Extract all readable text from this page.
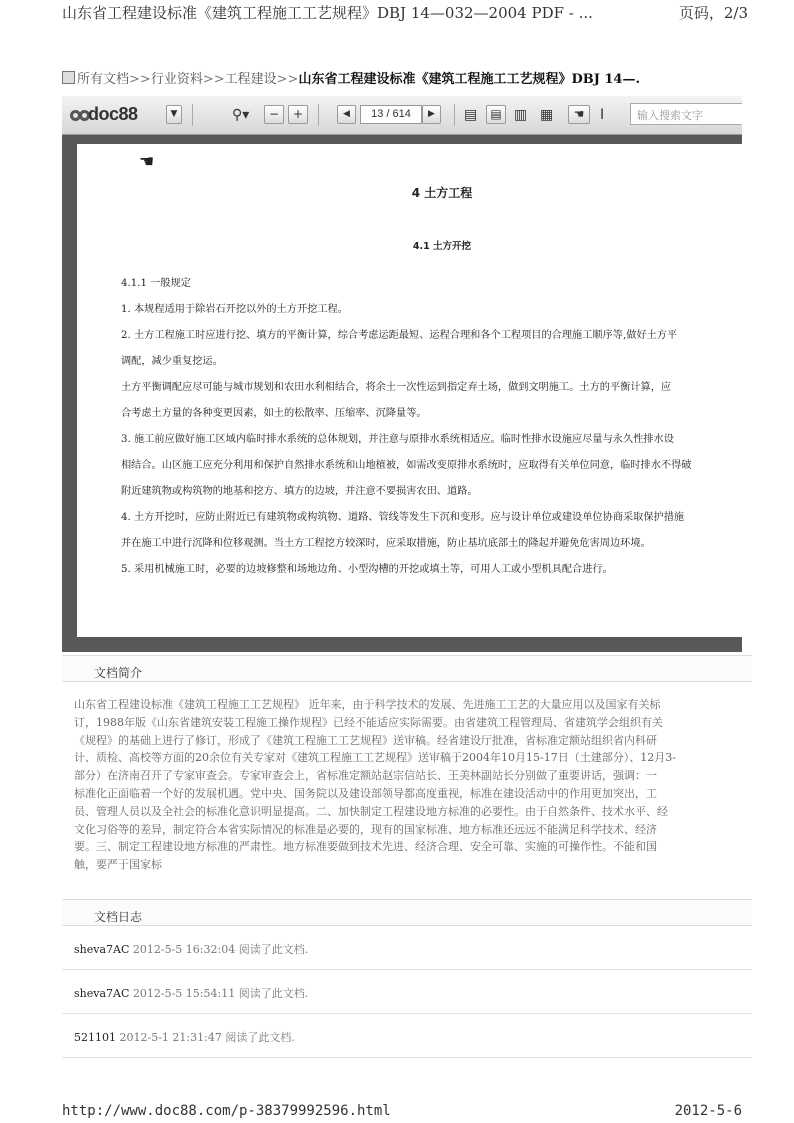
山东省工程建设标准《建筑工程施工工艺规程》DBJ 14—032—2004 PDF - ...	页码，2/3
所有文档>>行业资料>>工程建设>>山东省工程建设标准《建筑工程施工工艺规程》DBJ 14—.
doc88	▼	⚲▾	−	+	◀	13 / 614	▶	▤	▤ ▥ ▦	☚	I	输入搜索文字
☚
4 土方工程
4.1 土方开挖

4.1.1 一般规定

1. 本规程适用于除岩石开挖以外的土方开挖工程。

2. 土方工程施工时应进行挖、填方的平衡计算，综合考虑运距最短、运程合理和各个工程项目的合理施工顺序等,做好土方平

调配，减少重复挖运。

土方平衡调配应尽可能与城市规划和农田水利相结合，将余土一次性运到指定弃土场，做到文明施工。土方的平衡计算，应

合考虑土方量的各种变更因素，如土的松散率、压缩率、沉降量等。

3. 施工前应做好施工区域内临时排水系统的总体规划，并注意与原排水系统相适应。临时性排水设施应尽量与永久性排水设

相结合。山区施工应充分利用和保护自然排水系统和山地植被，如需改变原排水系统时，应取得有关单位同意，临时排水不得破

附近建筑物或构筑物的地基和挖方、填方的边坡，并注意不要损害农田、道路。

4. 土方开挖时，应防止附近已有建筑物或构筑物、道路、管线等发生下沉和变形。应与设计单位或建设单位协商采取保护措施

并在施工中进行沉降和位移观测。当土方工程挖方较深时，应采取措施，防止基坑底部土的隆起并避免危害周边环境。

5. 采用机械施工时，必要的边坡修整和场地边角、小型沟槽的开挖或填土等，可用人工或小型机具配合进行。

文档简介
山东省工程建设标准《建筑工程施工工艺规程》 近年来，由于科学技术的发展、先进施工工艺的大量应用以及国家有关标
订，1988年版《山东省建筑安装工程施工操作规程》已经不能适应实际需要。由省建筑工程管理局、省建筑学会组织有关
《规程》的基础上进行了修订，形成了《建筑工程施工工艺规程》送审稿。经省建设厅批准，省标准定额站组织省内科研
计、质检、高校等方面的20余位有关专家对《建筑工程施工工艺规程》送审稿于2004年10月15-17日（土建部分）、12月3-
部分）在济南召开了专家审查会。专家审查会上，省标准定额站赵宗信站长、王美林副站长分别做了重要讲话，强调：一
标准化正面临着一个好的发展机遇。党中央、国务院以及建设部领导都高度重视，标准在建设活动中的作用更加突出，工
员、管理人员以及全社会的标准化意识明显提高。二、加快制定工程建设地方标准的必要性。由于自然条件、技术水平、经
文化习俗等的差异，制定符合本省实际情况的标准是必要的，现有的国家标准、地方标准还远远不能满足科学技术、经济
要。三、制定工程建设地方标准的严肃性。地方标准要做到技术先进、经济合理、安全可靠、实施的可操作性。不能和国
触，要严于国家标
文档日志
sheva7AC 2012-5-5 16:32:04 阅读了此文档.
sheva7AC 2012-5-5 15:54:11 阅读了此文档.
521101 2012-5-1 21:31:47 阅读了此文档.
http://www.doc88.com/p-38379992596.html	2012-5-6
